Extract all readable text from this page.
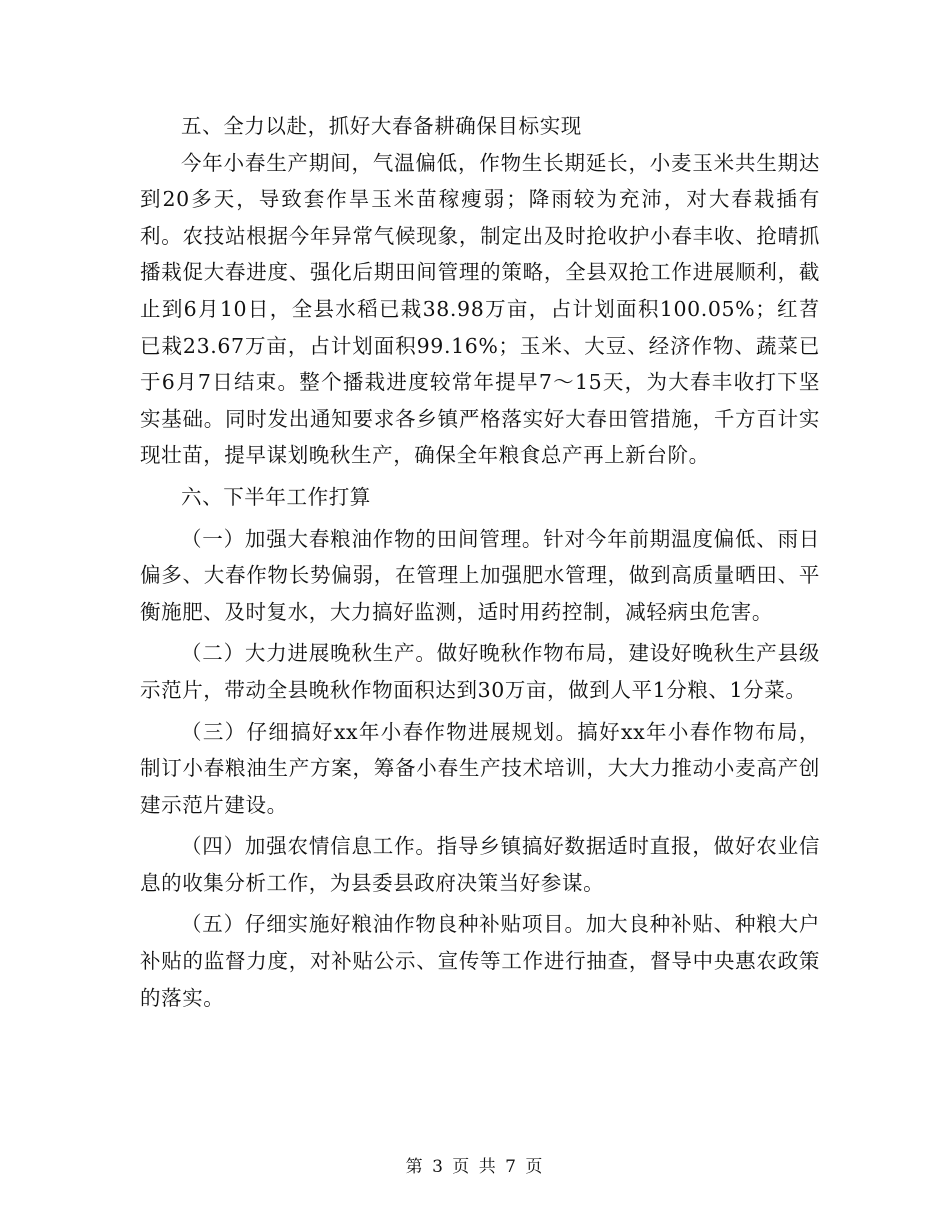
五、全力以赴，抓好大春备耕确保目标实现

今年小春生产期间，气温偏低，作物生长期延长，小麦玉米共生期达到20多天，导致套作旱玉米苗稼瘦弱；降雨较为充沛，对大春栽插有利。农技站根据今年异常气候现象，制定出及时抢收护小春丰收、抢晴抓播栽促大春进度、强化后期田间管理的策略，全县双抢工作进展顺利，截止到6月10日，全县水稻已栽38.98万亩，占计划面积100.05%；红苕已栽23.67万亩，占计划面积99.16%；玉米、大豆、经济作物、蔬菜已于6月7日结束。整个播栽进度较常年提早7～15天，为大春丰收打下坚实基础。同时发出通知要求各乡镇严格落实好大春田管措施，千方百计实现壮苗，提早谋划晚秋生产，确保全年粮食总产再上新台阶。

六、下半年工作打算

（一）加强大春粮油作物的田间管理。针对今年前期温度偏低、雨日偏多、大春作物长势偏弱，在管理上加强肥水管理，做到高质量晒田、平衡施肥、及时复水，大力搞好监测，适时用药控制，减轻病虫危害。

（二）大力进展晚秋生产。做好晚秋作物布局，建设好晚秋生产县级示范片，带动全县晚秋作物面积达到30万亩，做到人平1分粮、1分菜。

（三）仔细搞好xx年小春作物进展规划。搞好xx年小春作物布局，制订小春粮油生产方案，筹备小春生产技术培训，大大力推动小麦高产创建示范片建设。

（四）加强农情信息工作。指导乡镇搞好数据适时直报，做好农业信息的收集分析工作，为县委县政府决策当好参谋。

（五）仔细实施好粮油作物良种补贴项目。加大良种补贴、种粮大户补贴的监督力度，对补贴公示、宣传等工作进行抽查，督导中央惠农政策的落实。

第 3 页 共 7 页
